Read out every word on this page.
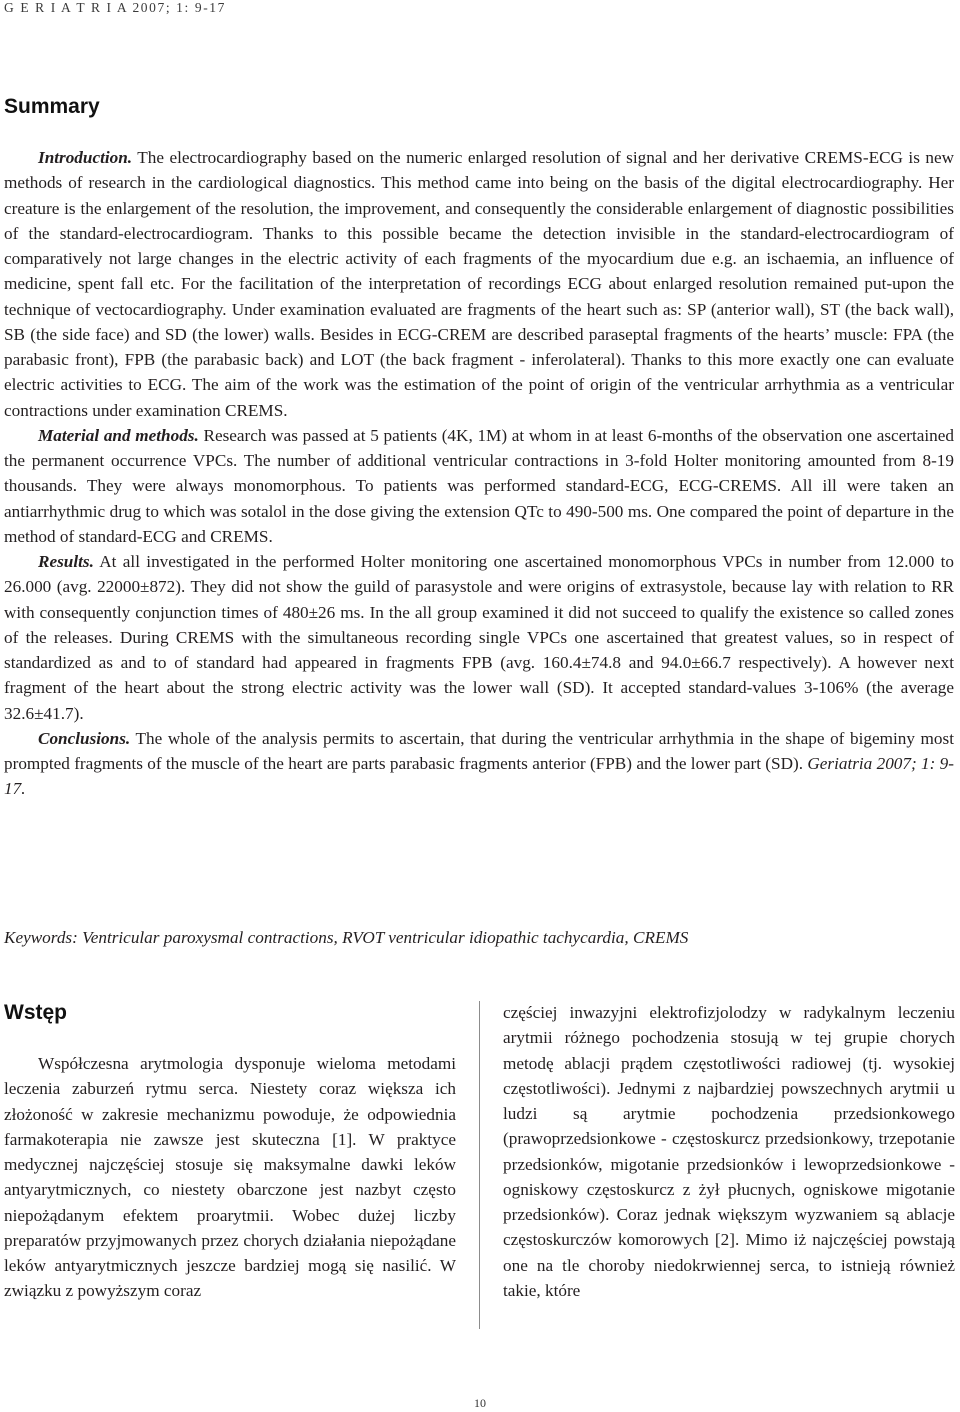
G E R I A T R I A 2007; 1: 9-17
Summary

Introduction. The electrocardiography based on the numeric enlarged resolution of signal and her derivative CREMS-ECG is new methods of research in the cardiological diagnostics. This method came into being on the basis of the digital electrocardiography. Her creature is the enlargement of the resolution, the improvement, and consequently the considerable enlargement of diagnostic possibilities of the standard-electrocardiogram. Thanks to this possible became the detection invisible in the standard-electrocardiogram of comparatively not large changes in the electric activity of each fragments of the myocardium due e.g. an ischaemia, an influence of medicine, spent fall etc. For the facilitation of the interpretation of recordings ECG about enlarged resolution remained put-upon the technique of vectocardiography. Under examination evaluated are fragments of the heart such as: SP (anterior wall), ST (the back wall), SB (the side face) and SD (the lower) walls. Besides in ECG-CREM are described paraseptal fragments of the hearts’ muscle: FPA (the parabasic front), FPB (the parabasic back) and LOT (the back fragment - inferolateral). Thanks to this more exactly one can evaluate electric activities to ECG. The aim of the work was the estimation of the point of origin of the ventricular arrhythmia as a ventricular contractions under examination CREMS.

Material and methods. Research was passed at 5 patients (4K, 1M) at whom in at least 6-months of the observation one ascertained the permanent occurrence VPCs. The number of additional ventricular contractions in 3-fold Holter monitoring amounted from 8-19 thousands. They were always monomorphous. To patients was performed standard-ECG, ECG-CREMS. All ill were taken an antiarrhythmic drug to which was sotalol in the dose giving the extension QTc to 490-500 ms. One compared the point of departure in the method of standard-ECG and CREMS.

Results. At all investigated in the performed Holter monitoring one ascertained monomorphous VPCs in number from 12.000 to 26.000 (avg. 22000±872). They did not show the guild of parasystole and were origins of extrasystole, because lay with relation to RR with consequently conjunction times of 480±26 ms. In the all group examined it did not succeed to qualify the existence so called zones of the releases. During CREMS with the simultaneous recording single VPCs one ascertained that greatest values, so in respect of standardized as and to of standard had appeared in fragments FPB (avg. 160.4±74.8 and 94.0±66.7 respectively). A however next fragment of the heart about the strong electric activity was the lower wall (SD). It accepted standard-values 3-106% (the average 32.6±41.7).

Conclusions. The whole of the analysis permits to ascertain, that during the ventricular arrhythmia in the shape of bigeminy most prompted fragments of the muscle of the heart are parts parabasic fragments anterior (FPB) and the lower part (SD). Geriatria 2007; 1: 9-17.

Keywords: Ventricular paroxysmal contractions, RVOT ventricular idiopathic tachycardia, CREMS

Wstęp
Współczesna arytmologia dysponuje wieloma metodami leczenia zaburzeń rytmu serca. Niestety coraz większa ich złożoność w zakresie mechanizmu powoduje, że odpowiednia farmakoterapia nie zawsze jest skuteczna [1]. W praktyce medycznej najczęściej stosuje się maksymalne dawki leków antyarytmicznych, co niestety obarczone jest nazbyt często niepożądanym efektem proarytmii. Wobec dużej liczby preparatów przyjmowanych przez chorych działania niepożądane leków antyarytmicznych jeszcze bardziej mogą się nasilić. W związku z powyższym coraz
częściej inwazyjni elektrofizjolodzy w radykalnym leczeniu arytmii różnego pochodzenia stosują w tej grupie chorych metodę ablacji prądem częstotliwości radiowej (tj. wysokiej częstotliwości). Jednymi z najbardziej powszechnych arytmii u ludzi są arytmie pochodzenia przedsionkowego (prawoprzedsionkowe - częstoskurcz przedsionkowy, trzepotanie przedsionków, migotanie przedsionków i lewoprzedsionkowe - ogniskowy częstoskurcz z żył płucnych, ogniskowe migotanie przedsionków). Coraz jednak większym wyzwaniem są ablacje częstoskurczów komorowych [2]. Mimo iż najczęściej powstają one na tle choroby niedokrwiennej serca, to istnieją również takie, które
10
